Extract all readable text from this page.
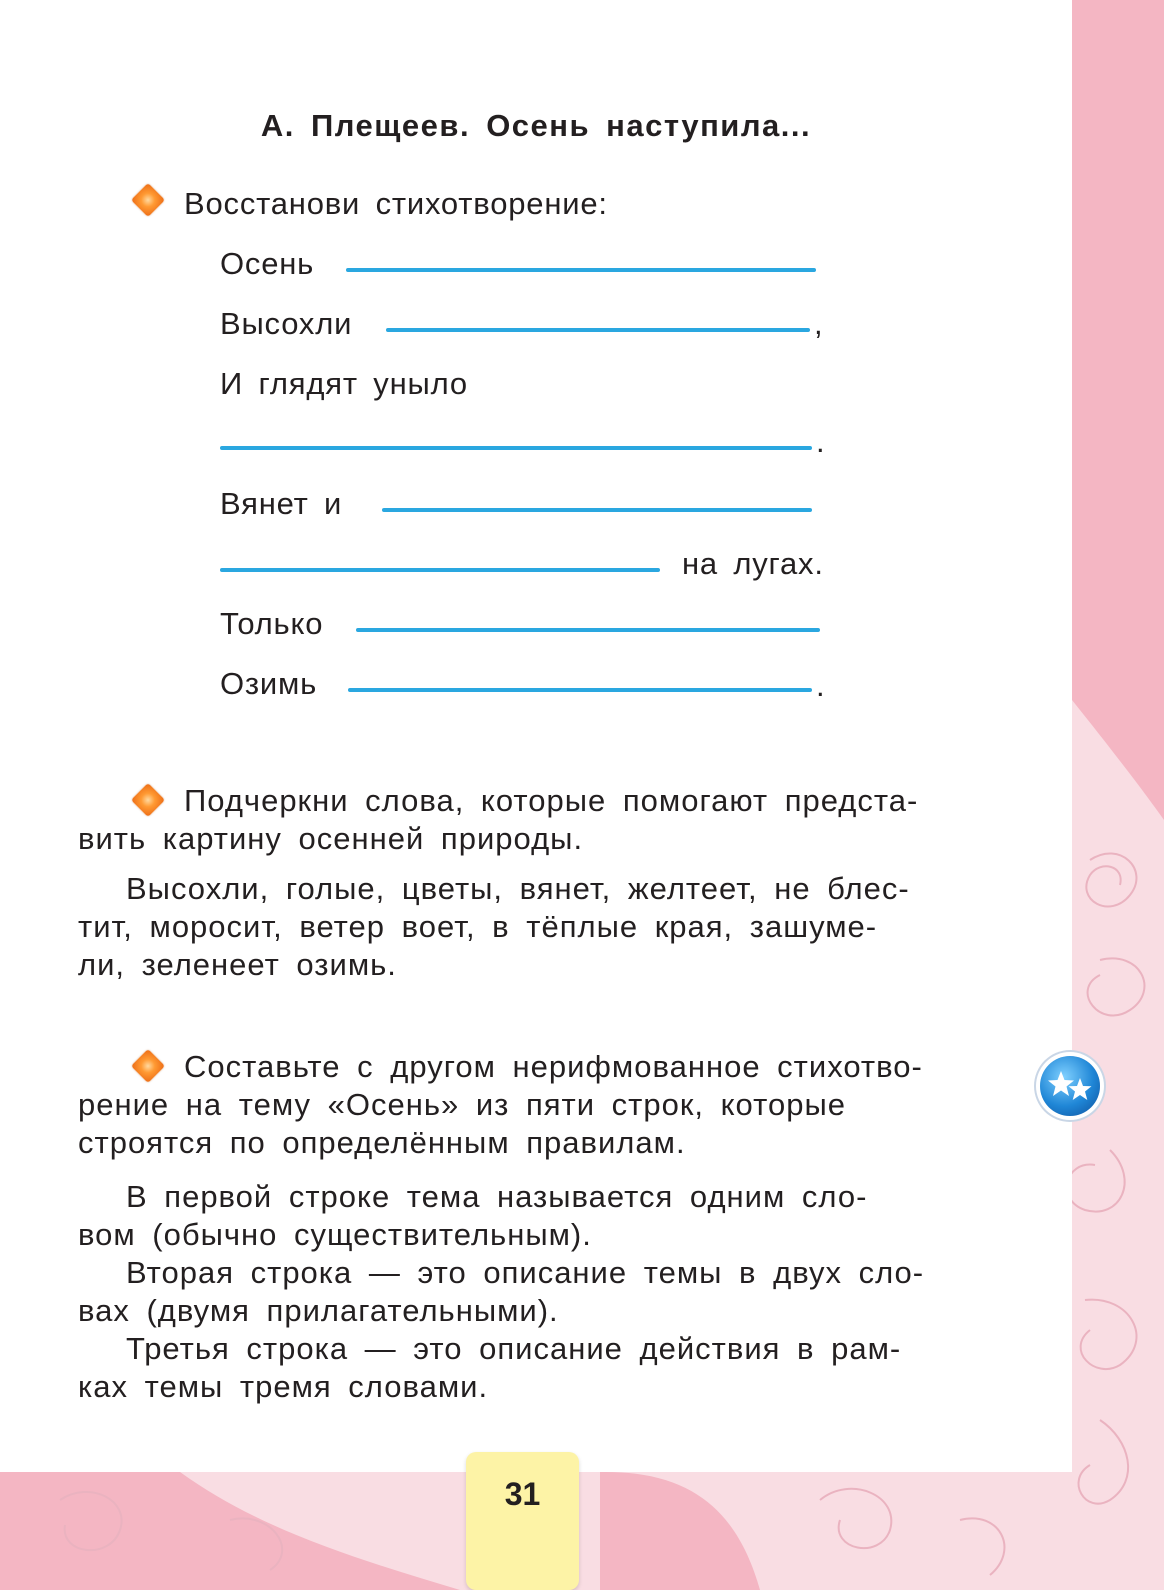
А. Плещеев. Осень наступила...
Восстанови стихотворение:
Осень
Высохли	,
И глядят уныло
.
Вянет и
на лугах.
Только
Озимь	.
Подчеркни слова, которые помогают предста-
вить картину осенней природы.
Высохли, голые, цветы, вянет, желтеет, не блес-
тит, моросит, ветер воет, в тёплые края, зашуме-
ли, зеленеет озимь.
Составьте с другом нерифмованное стихотво-
рение на тему «Осень» из пяти строк, которые
строятся по определённым правилам.
В первой строке тема называется одним сло-
вом (обычно существительным).
Вторая строка — это описание темы в двух сло-
вах (двумя прилагательными).
Третья строка — это описание действия в рам-
ках темы тремя словами.
31
